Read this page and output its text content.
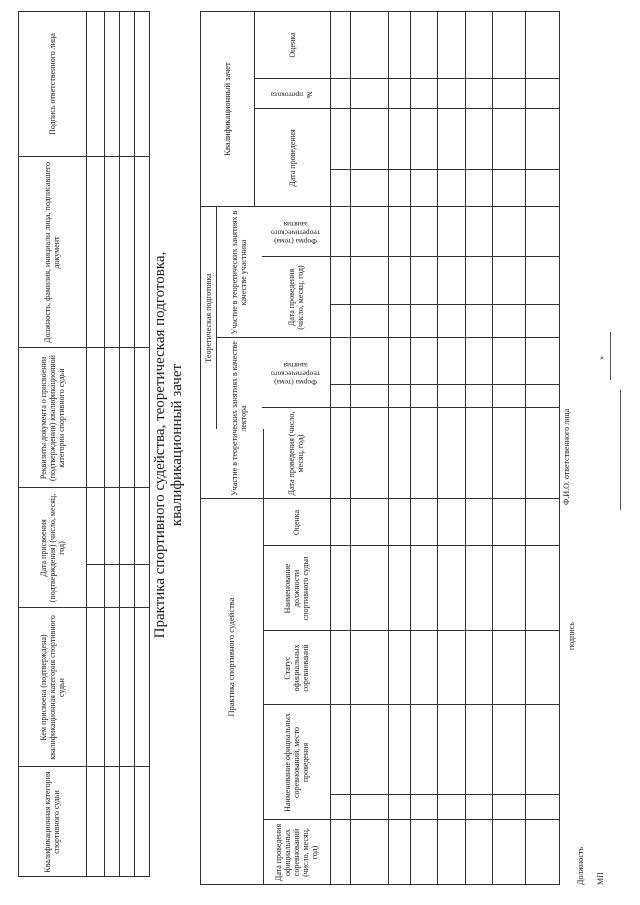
Квалификационная категория спортивного судьи
Кем присвоена (подтверждена) квалификационная категория спортивного судьи
Дата присвоения (подтверждения) (число, месяц, год)
Реквизиты документа о присвоении (подтверждении) квалификационной категории спортивного судьи
Должность, фамилия, инициалы лица, подписавшего документ
Подпись ответственного лица
Практика спортивного судейства, теоретическая подготовка, квалификационный зачет
Практика спортивного судейства
Теоретическая подготовка
Квалификационный зачет
Участие в теоретических занятиях в качестве лектора
Участие в теоретических занятиях в качестве участника
Дата проведения официальных соревнований (число, месяц, год)
Наименование официальных соревнований, место проведения
Статус официальных соревнований
Наименование должности спортивного судьи
Оценка
Дата проведения (число, месяц, год)
Форма (тема) теоретического занятия
Дата проведения (число, месяц, год)
Форма (тема) теоретического занятия
Дата проведения
№ протокола
Оценка
Должность
подпись
Ф.И.О. ответственного лица
МП
»
